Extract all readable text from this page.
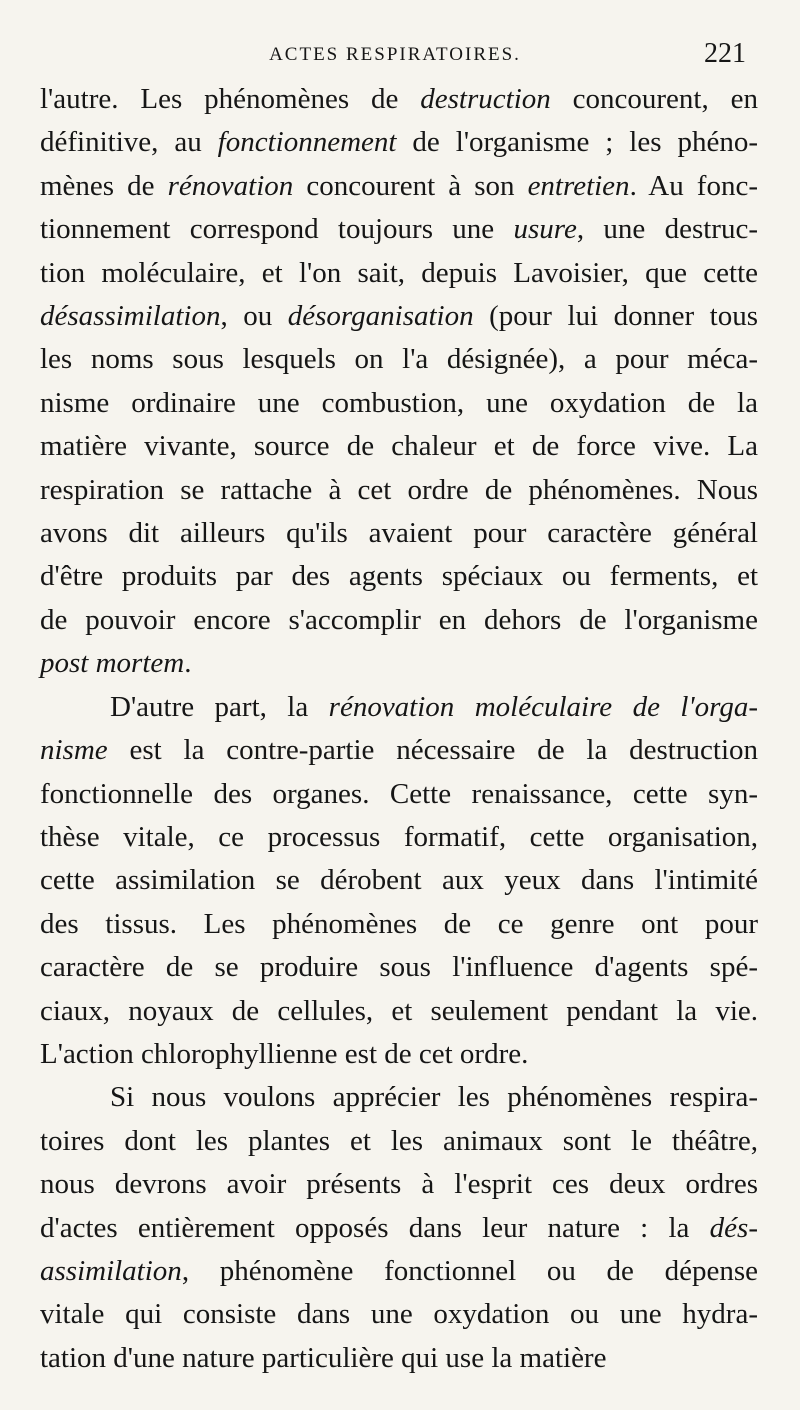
ACTES RESPIRATOIRES.	221
l'autre. Les phénomènes de destruction concourent, en
définitive, au fonctionnement de l'organisme ; les phéno-
mènes de rénovation concourent à son entretien. Au fonc-
tionnement correspond toujours une usure, une destruc-
tion moléculaire, et l'on sait, depuis Lavoisier, que cette
désassimilation, ou désorganisation (pour lui donner tous
les noms sous lesquels on l'a désignée), a pour méca-
nisme ordinaire une combustion, une oxydation de la
matière vivante, source de chaleur et de force vive. La
respiration se rattache à cet ordre de phénomènes. Nous
avons dit ailleurs qu'ils avaient pour caractère général
d'être produits par des agents spéciaux ou ferments, et
de pouvoir encore s'accomplir en dehors de l'organisme
post mortem.
D'autre part, la rénovation moléculaire de l'orga-
nisme est la contre-partie nécessaire de la destruction
fonctionnelle des organes. Cette renaissance, cette syn-
thèse vitale, ce processus formatif, cette organisation,
cette assimilation se dérobent aux yeux dans l'intimité
des tissus. Les phénomènes de ce genre ont pour
caractère de se produire sous l'influence d'agents spé-
ciaux, noyaux de cellules, et seulement pendant la vie.
L'action chlorophyllienne est de cet ordre.
Si nous voulons apprécier les phénomènes respira-
toires dont les plantes et les animaux sont le théâtre,
nous devrons avoir présents à l'esprit ces deux ordres
d'actes entièrement opposés dans leur nature : la dés-
assimilation, phénomène fonctionnel ou de dépense
vitale qui consiste dans une oxydation ou une hydra-
tation d'une nature particulière qui use la matière
